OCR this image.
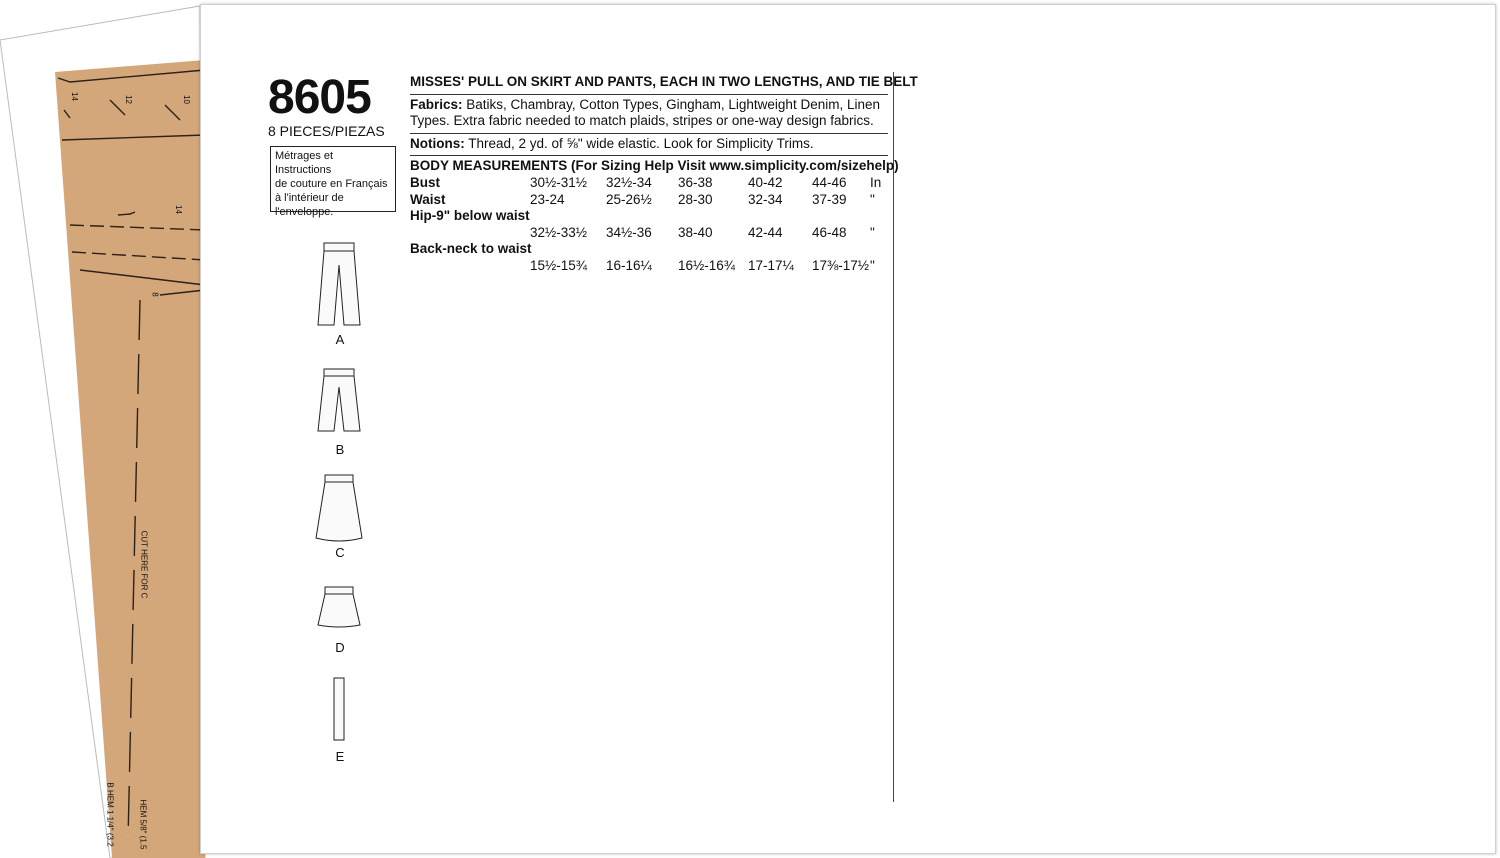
14	12	10
14
8
CUT HERE FOR C
B HEM 1 1/4" (3.2	HEM 5/8" (1.5
8605
8 PIECES/PIEZAS
Métrages et Instructions
de couture en Français
à l'intérieur de
l'enveloppe.
A
B
C
D
E
MISSES' PULL ON SKIRT AND PANTS, EACH IN TWO LENGTHS, AND TIE BELT
Fabrics: Batiks, Chambray, Cotton Types, Gingham, Lightweight Denim, Linen
Types. Extra fabric needed to match plaids, stripes or one-way design fabrics.
Notions: Thread, 2 yd. of ⅝" wide elastic. Look for Simplicity Trims.
BODY MEASUREMENTS (For Sizing Help Visit www.simplicity.com/sizehelp)
Bust	30½-31½ 32½-34 36-38	40-42 44-46 In
Waist	23-24	25-26½ 28-30	32-34 37-39 "
Hip-9" below waist
32½-33½ 34½-36 38-40	42-44 46-48 "
Back-neck to waist
15½-15¾ 16-16¼ 16½-16¾ 17-17¼ 17⅜-17½ "
